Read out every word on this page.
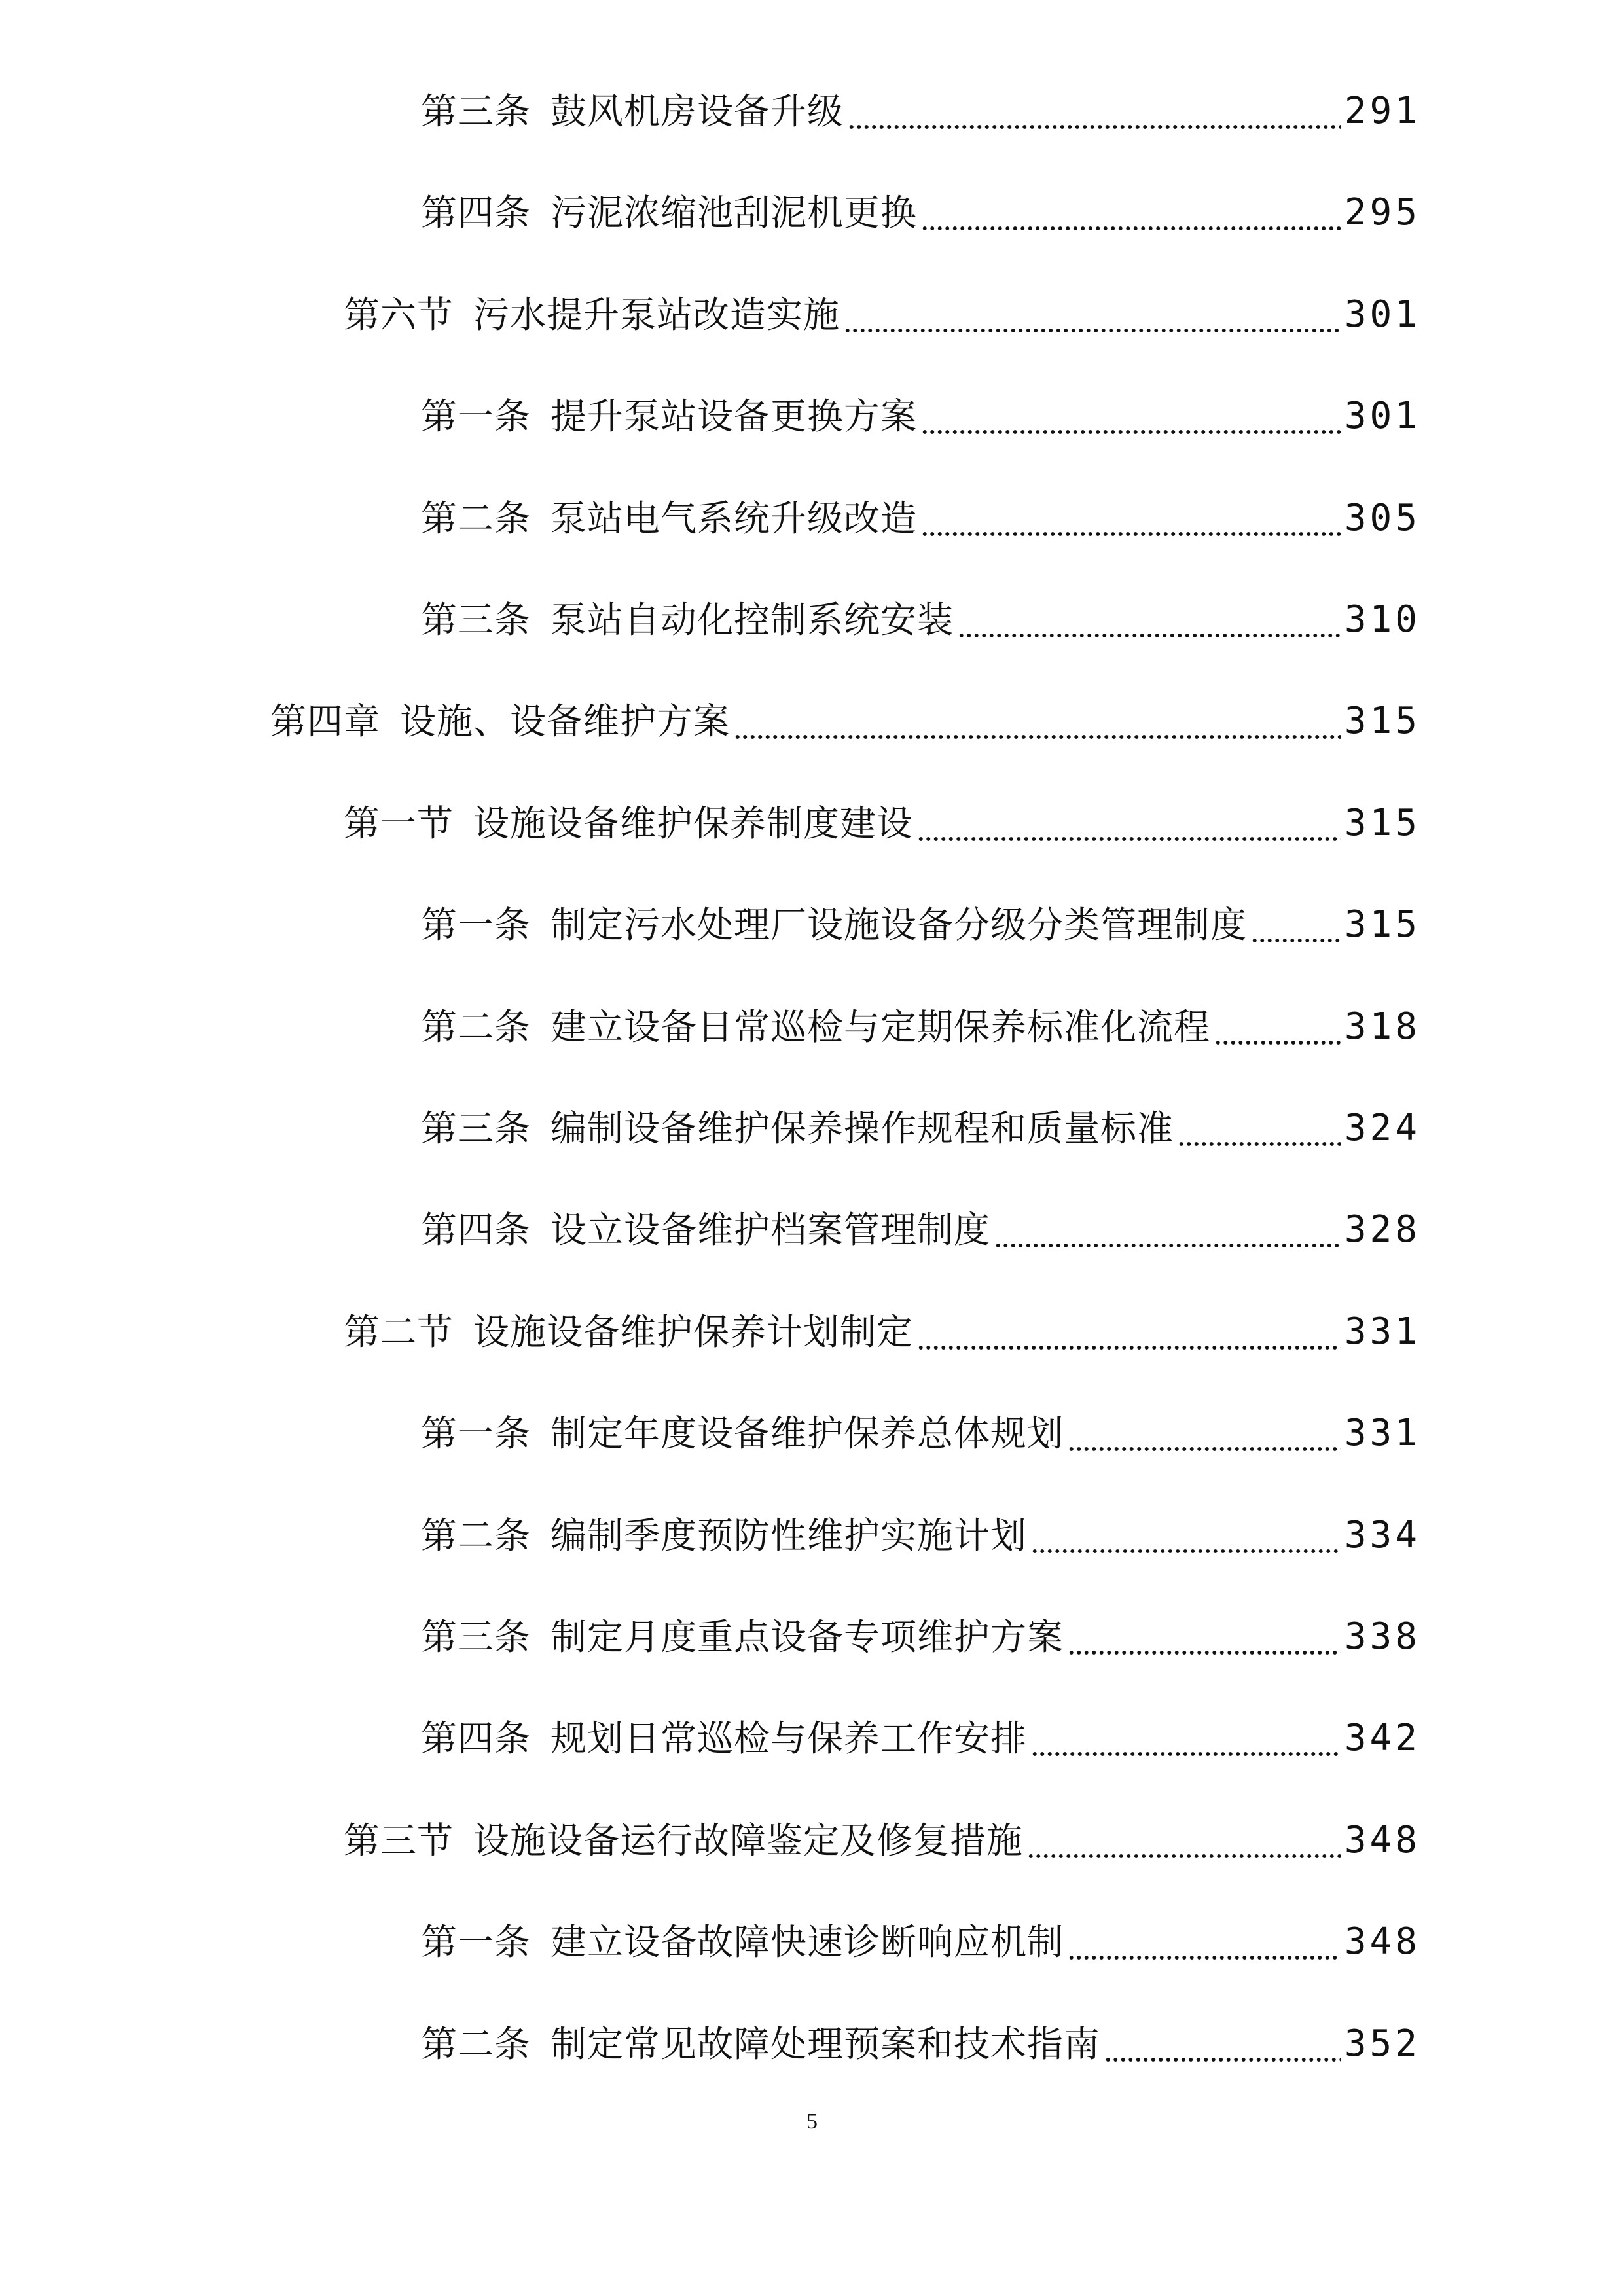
第三条 鼓风机房设备升级	291
第四条 污泥浓缩池刮泥机更换	295
第六节 污水提升泵站改造实施	301
第一条 提升泵站设备更换方案	301
第二条 泵站电气系统升级改造	305
第三条 泵站自动化控制系统安装	310
第四章 设施、设备维护方案	315
第一节 设施设备维护保养制度建设	315
第一条 制定污水处理厂设施设备分级分类管理制度	315
第二条 建立设备日常巡检与定期保养标准化流程	318
第三条 编制设备维护保养操作规程和质量标准	324
第四条 设立设备维护档案管理制度	328
第二节 设施设备维护保养计划制定	331
第一条 制定年度设备维护保养总体规划	331
第二条 编制季度预防性维护实施计划	334
第三条 制定月度重点设备专项维护方案	338
第四条 规划日常巡检与保养工作安排	342
第三节 设施设备运行故障鉴定及修复措施	348
第一条 建立设备故障快速诊断响应机制	348
第二条 制定常见故障处理预案和技术指南	352
5
